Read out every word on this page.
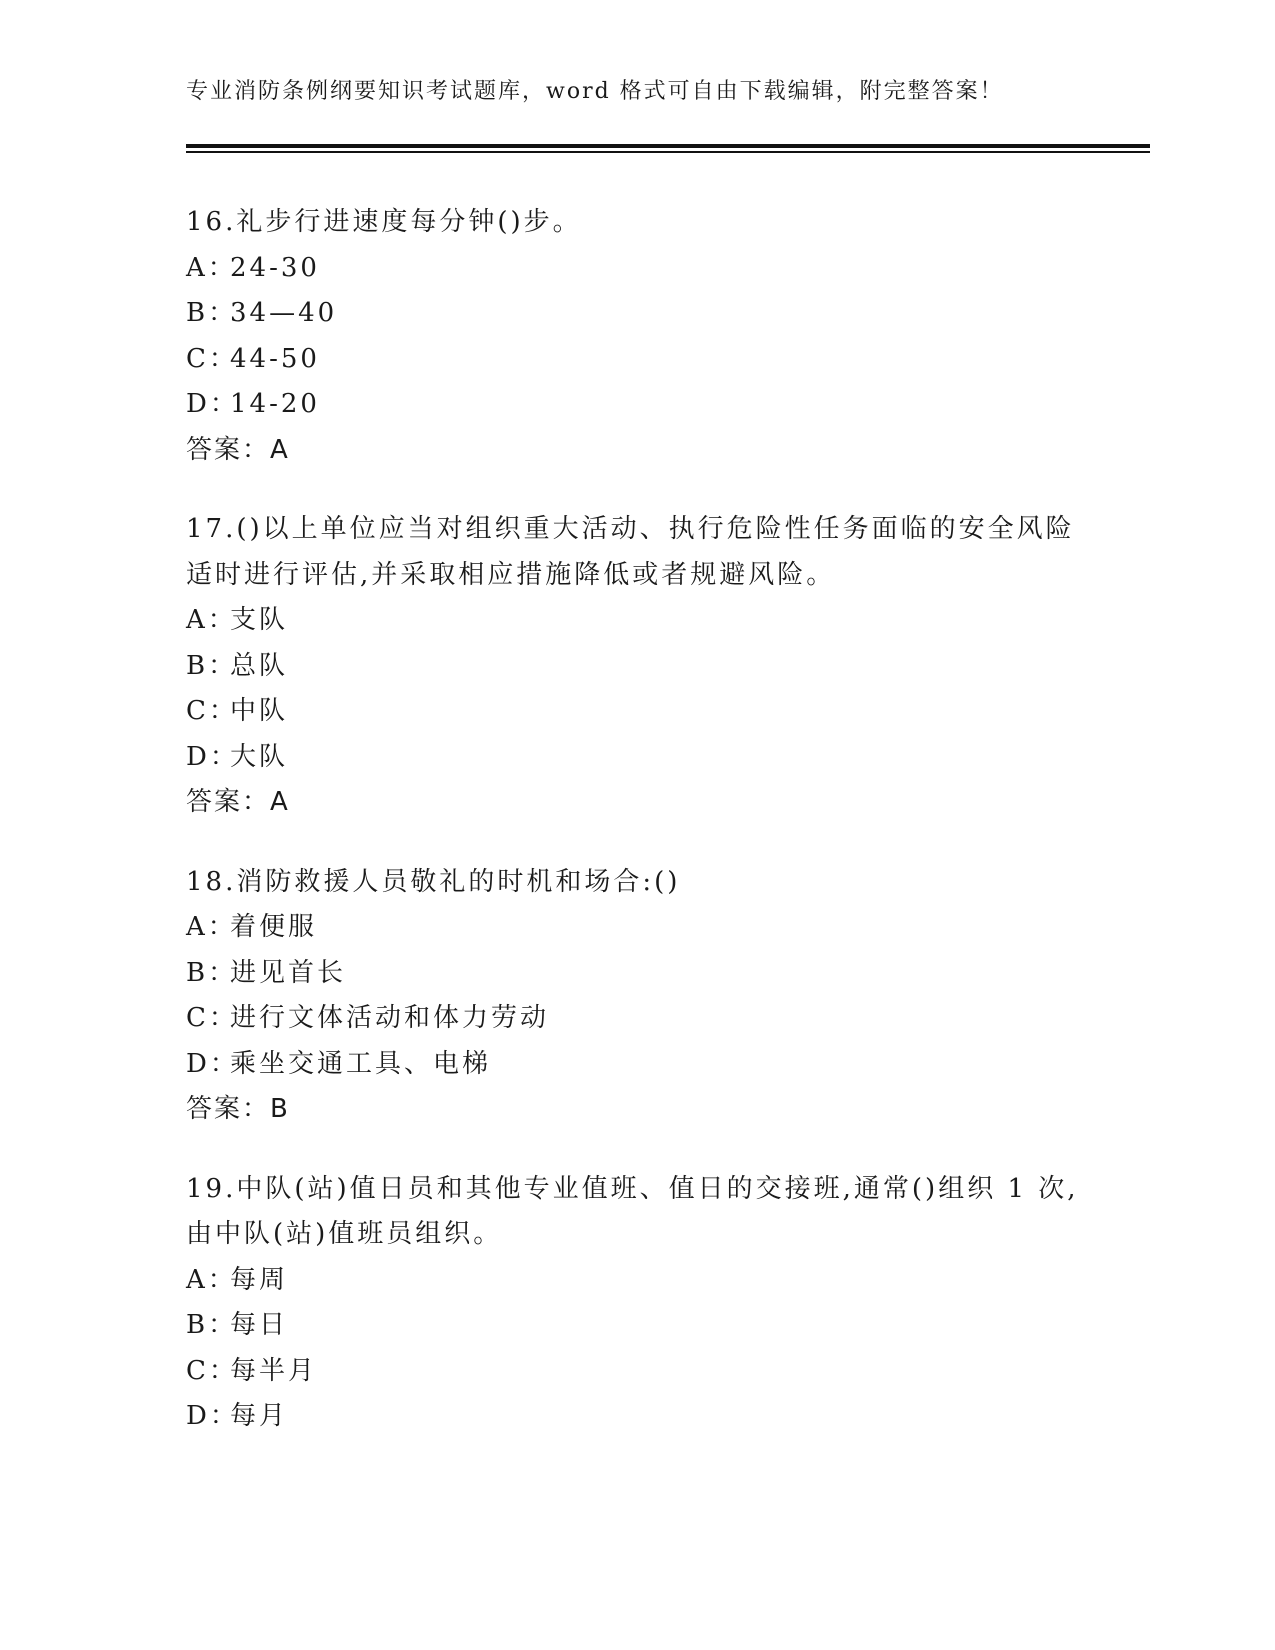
专业消防条例纲要知识考试题库，word 格式可自由下载编辑，附完整答案！

16.礼步行进速度每分钟()步。

A：24-30

B：34—40

C：44-50

D：14-20

答案：A

17.()以上单位应当对组织重大活动、执行危险性任务面临的安全风险适时进行评估,并采取相应措施降低或者规避风险。

A：支队

B：总队

C：中队

D：大队

答案：A

18.消防救援人员敬礼的时机和场合:()

A：着便服

B：进见首长

C：进行文体活动和体力劳动

D：乘坐交通工具、电梯

答案：B

19.中队(站)值日员和其他专业值班、值日的交接班,通常()组织 1 次,由中队(站)值班员组织。

A：每周

B：每日

C：每半月

D：每月
